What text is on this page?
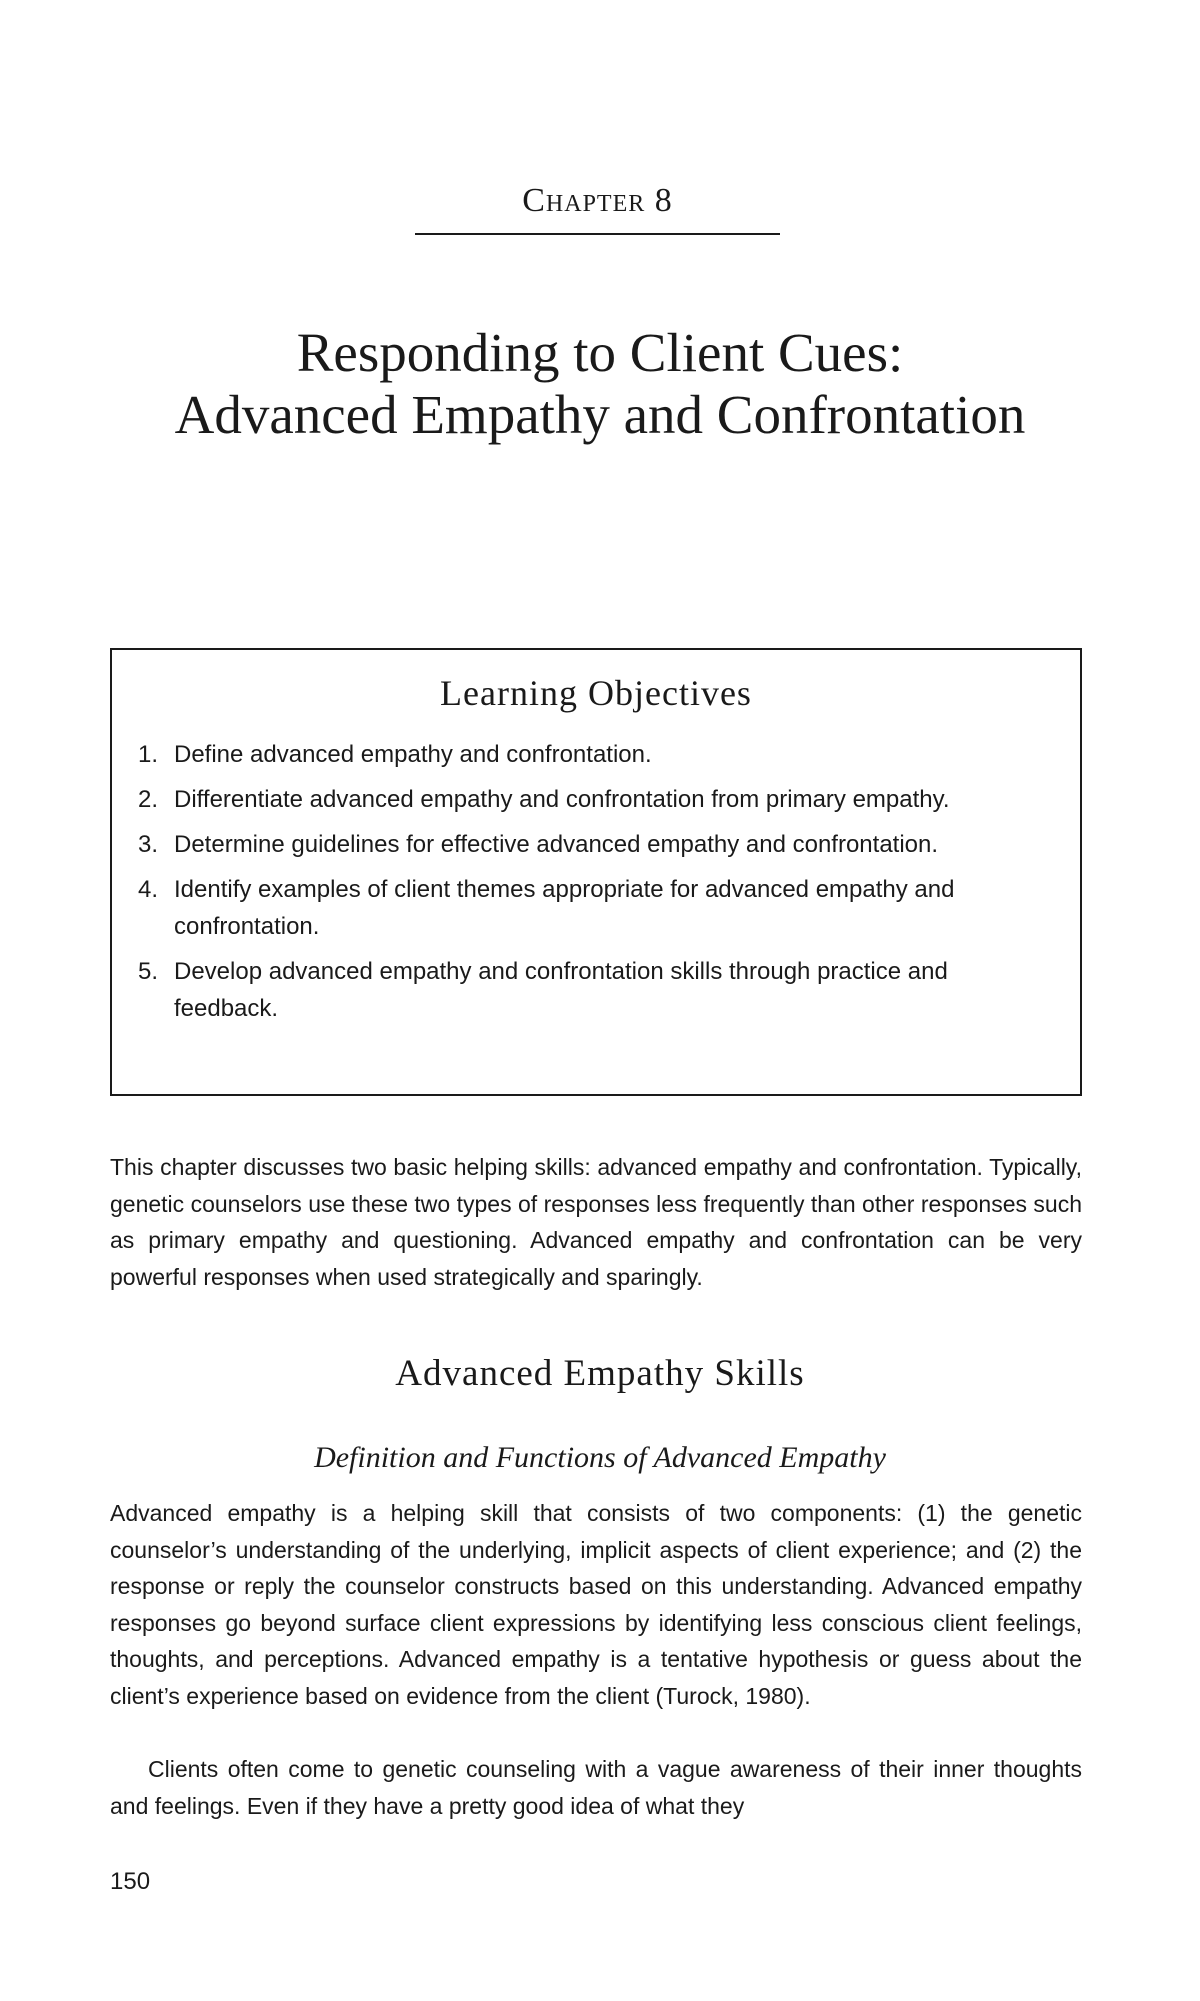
Chapter 8
Responding to Client Cues:
Advanced Empathy and Confrontation
Learning Objectives
1. Define advanced empathy and confrontation.
2. Differentiate advanced empathy and confrontation from primary empathy.
3. Determine guidelines for effective advanced empathy and confrontation.
4. Identify examples of client themes appropriate for advanced empathy and confrontation.
5. Develop advanced empathy and confrontation skills through practice and feedback.

This chapter discusses two basic helping skills: advanced empathy and confrontation. Typically, genetic counselors use these two types of responses less frequently than other responses such as primary empathy and questioning. Advanced empathy and confrontation can be very powerful responses when used strategically and sparingly.

Advanced Empathy Skills
Definition and Functions of Advanced Empathy

Advanced empathy is a helping skill that consists of two components: (1) the genetic counselor’s understanding of the underlying, implicit aspects of client experience; and (2) the response or reply the counselor constructs based on this understanding. Advanced empathy responses go beyond surface client expressions by identifying less conscious client feelings, thoughts, and perceptions. Advanced empathy is a tentative hypothesis or guess about the client’s experience based on evidence from the client (Turock, 1980).

Clients often come to genetic counseling with a vague awareness of their inner thoughts and feelings. Even if they have a pretty good idea of what they

150
